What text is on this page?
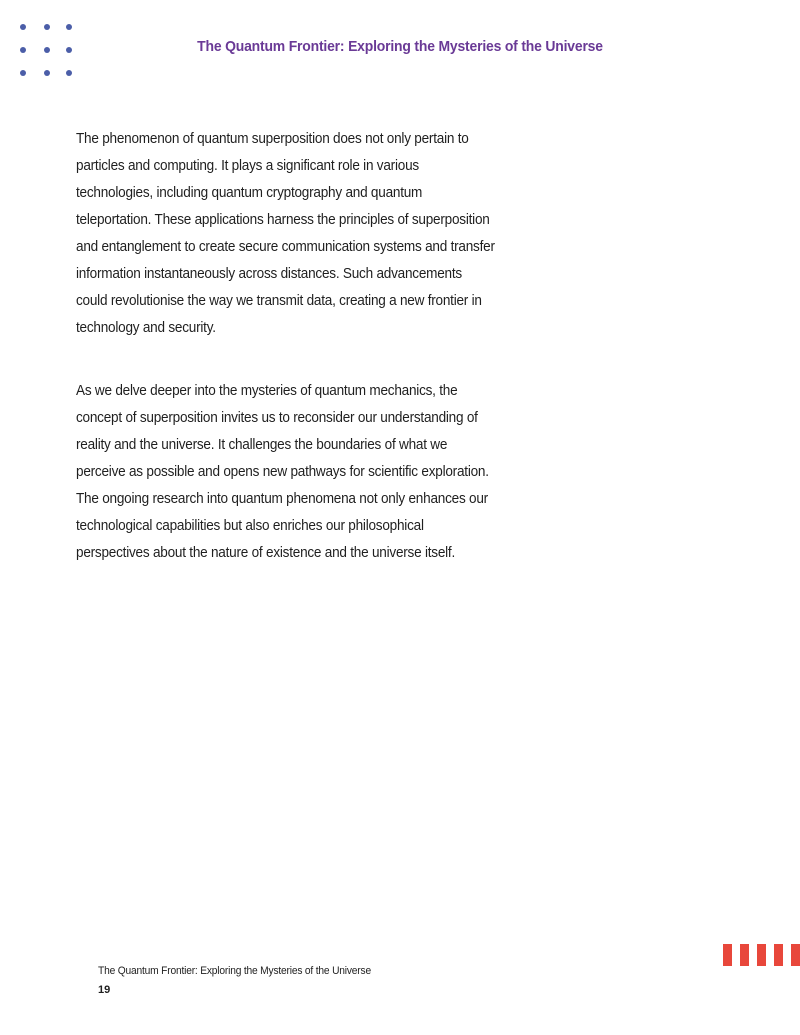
The Quantum Frontier: Exploring the Mysteries of the Universe

The phenomenon of quantum superposition does not only pertain to particles and computing. It plays a significant role in various technologies, including quantum cryptography and quantum teleportation. These applications harness the principles of superposition and entanglement to create secure communication systems and transfer information instantaneously across distances. Such advancements could revolutionise the way we transmit data, creating a new frontier in technology and security.

As we delve deeper into the mysteries of quantum mechanics, the concept of superposition invites us to reconsider our understanding of reality and the universe. It challenges the boundaries of what we perceive as possible and opens new pathways for scientific exploration. The ongoing research into quantum phenomena not only enhances our technological capabilities but also enriches our philosophical perspectives about the nature of existence and the universe itself.

The Quantum Frontier: Exploring the Mysteries of the Universe
19
